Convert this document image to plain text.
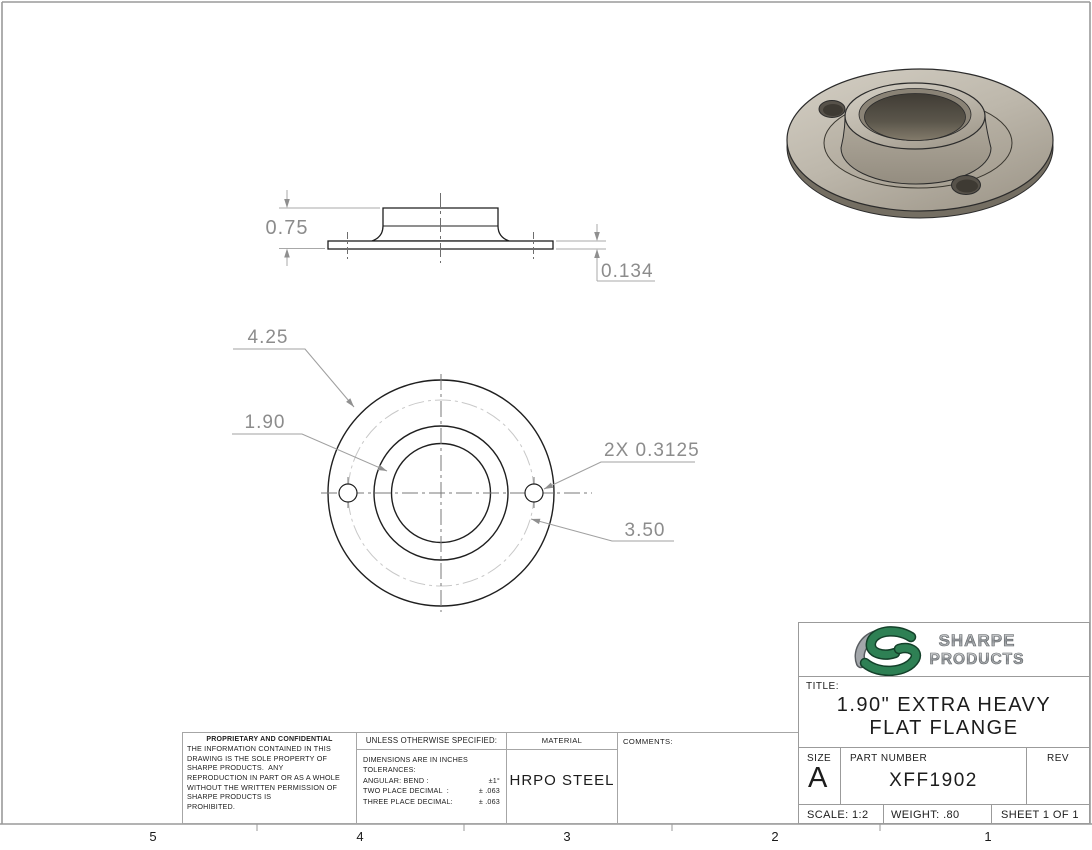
0.75
0.134
4.25
1.90
2X 0.3125
3.50
5	4	3	2	1
PROPRIETARY AND CONFIDENTIAL
THE INFORMATION CONTAINED IN THIS
DRAWING IS THE SOLE PROPERTY OF
SHARPE PRODUCTS.  ANY
REPRODUCTION IN PART OR AS A WHOLE
WITHOUT THE WRITTEN PERMISSION OF
SHARPE PRODUCTS IS
PROHIBITED.
UNLESS OTHERWISE SPECIFIED:
DIMENSIONS ARE IN INCHES
TOLERANCES:
ANGULAR: BEND :	±1°
TWO PLACE DECIMAL  :	± .063
THREE PLACE DECIMAL:	± .063
MATERIAL
HRPO STEEL
COMMENTS:
SHARPE
PRODUCTS
TITLE:
1.90" EXTRA HEAVY
FLAT FLANGE
SIZE
A
PART NUMBER
XFF1902
REV
SCALE: 1:2 WEIGHT: .80	SHEET 1 OF 1
